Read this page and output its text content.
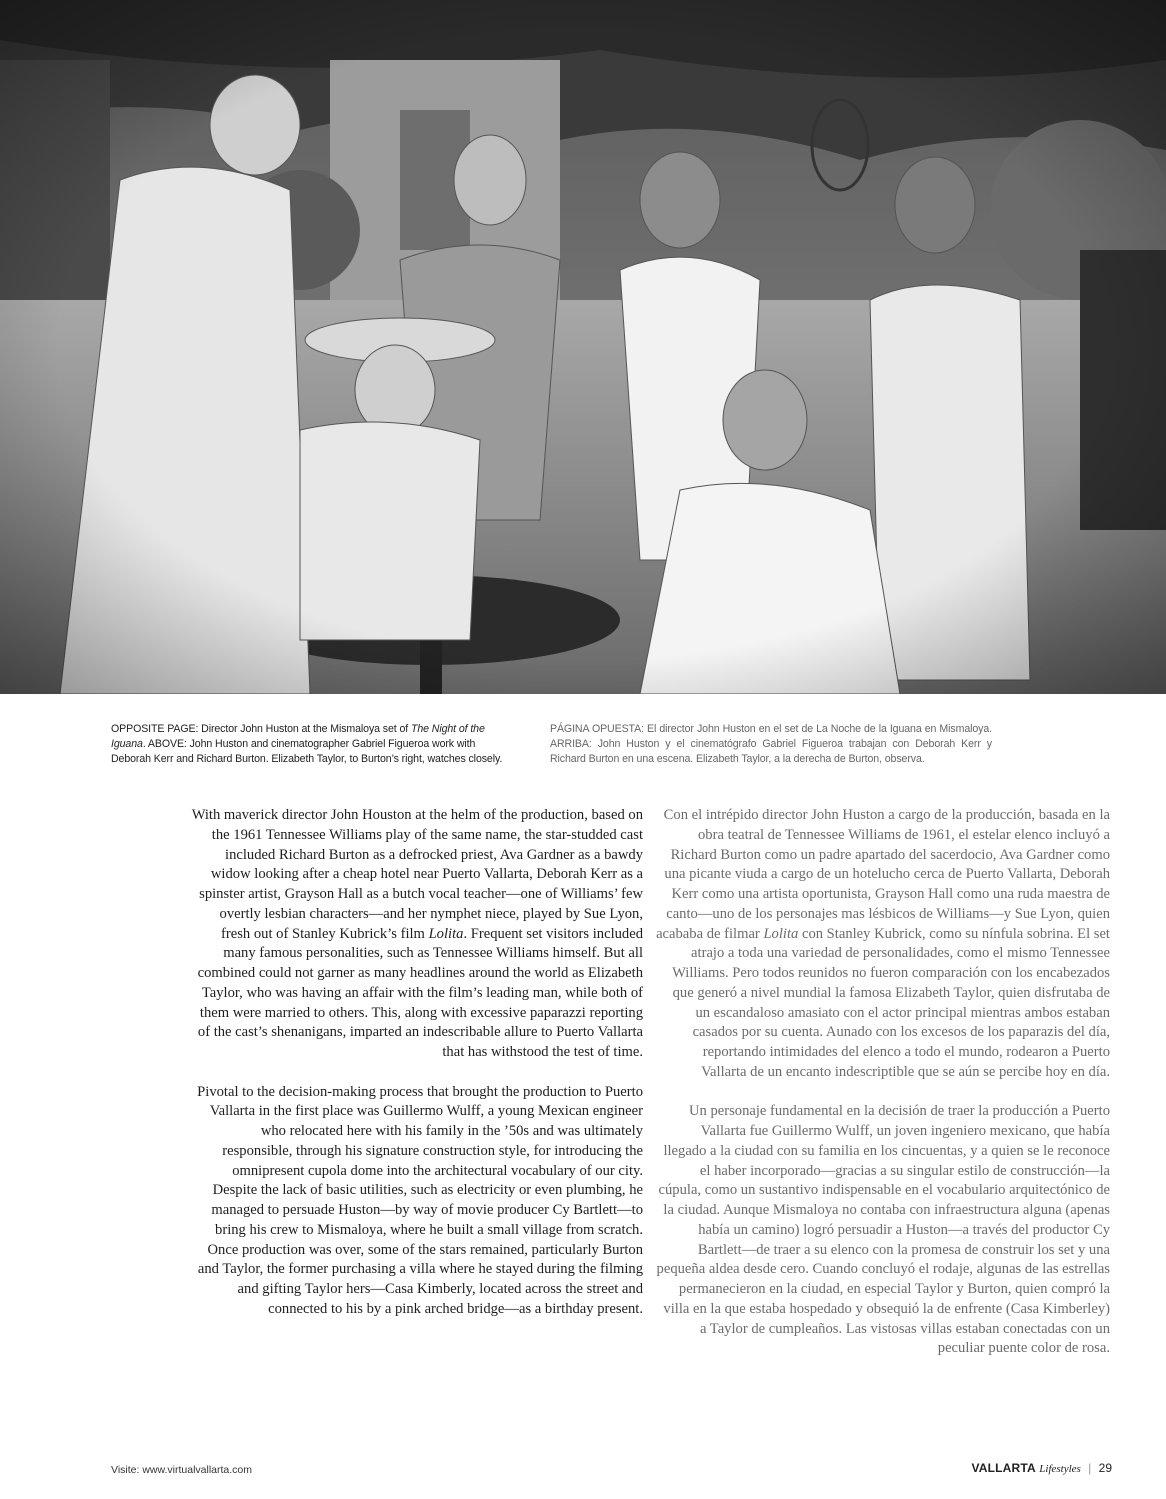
OPPOSITE PAGE: Director John Huston at the Mismaloya set of The Night of the Iguana. ABOVE: John Huston and cinematographer Gabriel Figueroa work with Deborah Kerr and Richard Burton. Elizabeth Taylor, to Burton’s right, watches closely.
PÁGINA OPUESTA: El director John Huston en el set de La Noche de la Iguana en Mismaloya. ARRIBA: John Huston y el cinematógrafo Gabriel Figueroa trabajan con Deborah Kerr y Richard Burton en una escena. Elizabeth Taylor, a la derecha de Burton, observa.

With maverick director John Houston at the helm of the production, based on the 1961 Tennessee Williams play of the same name, the star-studded cast included Richard Burton as a defrocked priest, Ava Gardner as a bawdy widow looking after a cheap hotel near Puerto Vallarta, Deborah Kerr as a spinster artist, Grayson Hall as a butch vocal teacher—one of Williams’ few overtly lesbian characters—and her nymphet niece, played by Sue Lyon, fresh out of Stanley Kubrick’s film Lolita. Frequent set visitors included many famous personalities, such as Tennessee Williams himself. But all combined could not garner as many headlines around the world as Elizabeth Taylor, who was having an affair with the film’s leading man, while both of them were married to others. This, along with excessive paparazzi reporting of the cast’s shenanigans, imparted an indescribable allure to Puerto Vallarta that has withstood the test of time.

Pivotal to the decision-making process that brought the production to Puerto Vallarta in the first place was Guillermo Wulff, a young Mexican engineer who relocated here with his family in the ’50s and was ultimately responsible, through his signature construction style, for introducing the omnipresent cupola dome into the architectural vocabulary of our city. Despite the lack of basic utilities, such as electricity or even plumbing, he managed to persuade Huston—by way of movie producer Cy Bartlett—to bring his crew to Mismaloya, where he built a small village from scratch. Once production was over, some of the stars remained, particularly Burton and Taylor, the former purchasing a villa where he stayed during the filming and gifting Taylor hers—Casa Kimberly, located across the street and connected to his by a pink arched bridge—as a birthday present.

Con el intrépido director John Huston a cargo de la producción, basada en la obra teatral de Tennessee Williams de 1961, el estelar elenco incluyó a Richard Burton como un padre apartado del sacerdocio, Ava Gardner como una picante viuda a cargo de un hotelucho cerca de Puerto Vallarta, Deborah Kerr como una artista oportunista, Grayson Hall como una ruda maestra de canto—uno de los personajes mas lésbicos de Williams—y Sue Lyon, quien acababa de filmar Lolita con Stanley Kubrick, como su nínfula sobrina. El set atrajo a toda una variedad de personalidades, como el mismo Tennessee Williams. Pero todos reunidos no fueron comparación con los encabezados que generó a nivel mundial la famosa Elizabeth Taylor, quien disfrutaba de un escandaloso amasiato con el actor principal mientras ambos estaban casados por su cuenta. Aunado con los excesos de los paparazis del día, reportando intimidades del elenco a todo el mundo, rodearon a Puerto Vallarta de un encanto indescriptible que se aún se percibe hoy en día.

Un personaje fundamental en la decisión de traer la producción a Puerto Vallarta fue Guillermo Wulff, un joven ingeniero mexicano, que había llegado a la ciudad con su familia en los cincuentas, y a quien se le reconoce el haber incorporado—gracias a su singular estilo de construcción—la cúpula, como un sustantivo indispensable en el vocabulario arquitectónico de la ciudad. Aunque Mismaloya no contaba con infraestructura alguna (apenas había un camino) logró persuadir a Huston—a través del productor Cy Bartlett—de traer a su elenco con la promesa de construir los set y una pequeña aldea desde cero. Cuando concluyó el rodaje, algunas de las estrellas permanecieron en la ciudad, en especial Taylor y Burton, quien compró la villa en la que estaba hospedado y obsequió la de enfrente (Casa Kimberley) a Taylor de cumpleaños. Las vistosas villas estaban conectadas con un peculiar puente color de rosa.

Visite: www.virtualvallarta.com	VALLARTA Lifestyles | 29
